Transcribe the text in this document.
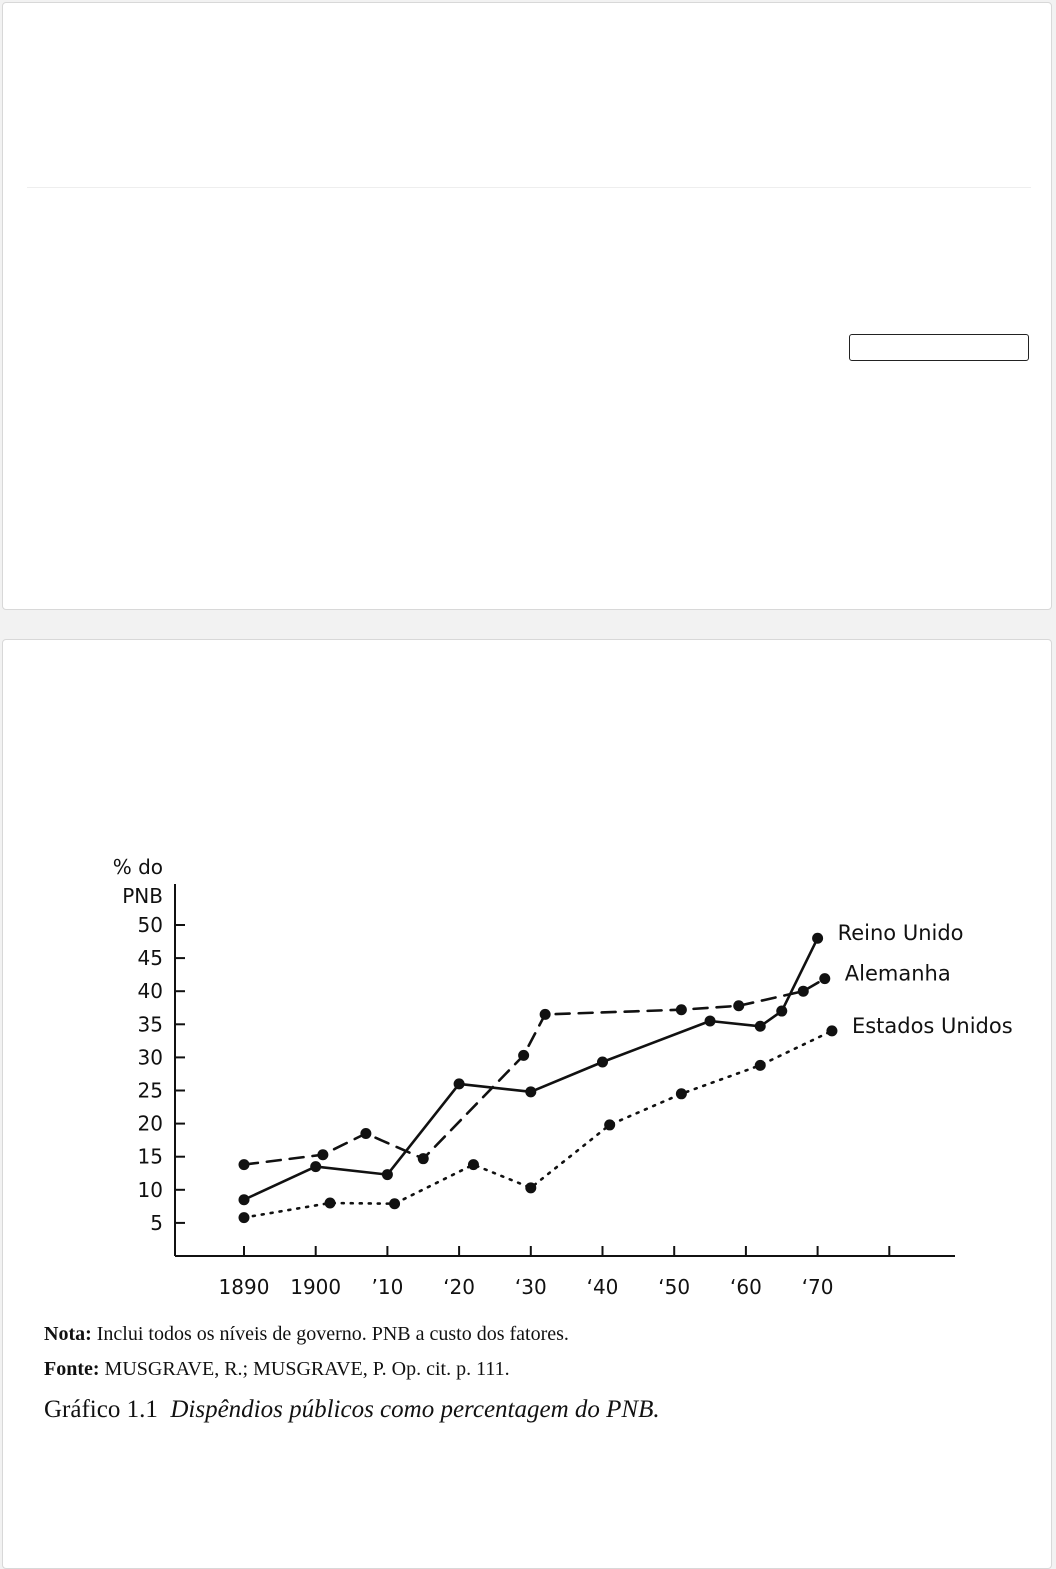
% do
PNB
5
10
15
20
25
30
35
40
45
50
1890 1900 ’10 ‘20 ‘30 ‘40 ‘50 ‘60 ‘70
Reino Unido
Alemanha
Estados Unidos
Nota: Inclui todos os níveis de governo. PNB a custo dos fatores.
Fonte: MUSGRAVE, R.; MUSGRAVE, P. Op. cit. p. 111.
Gráfico 1.1 Dispêndios públicos como percentagem do PNB.
